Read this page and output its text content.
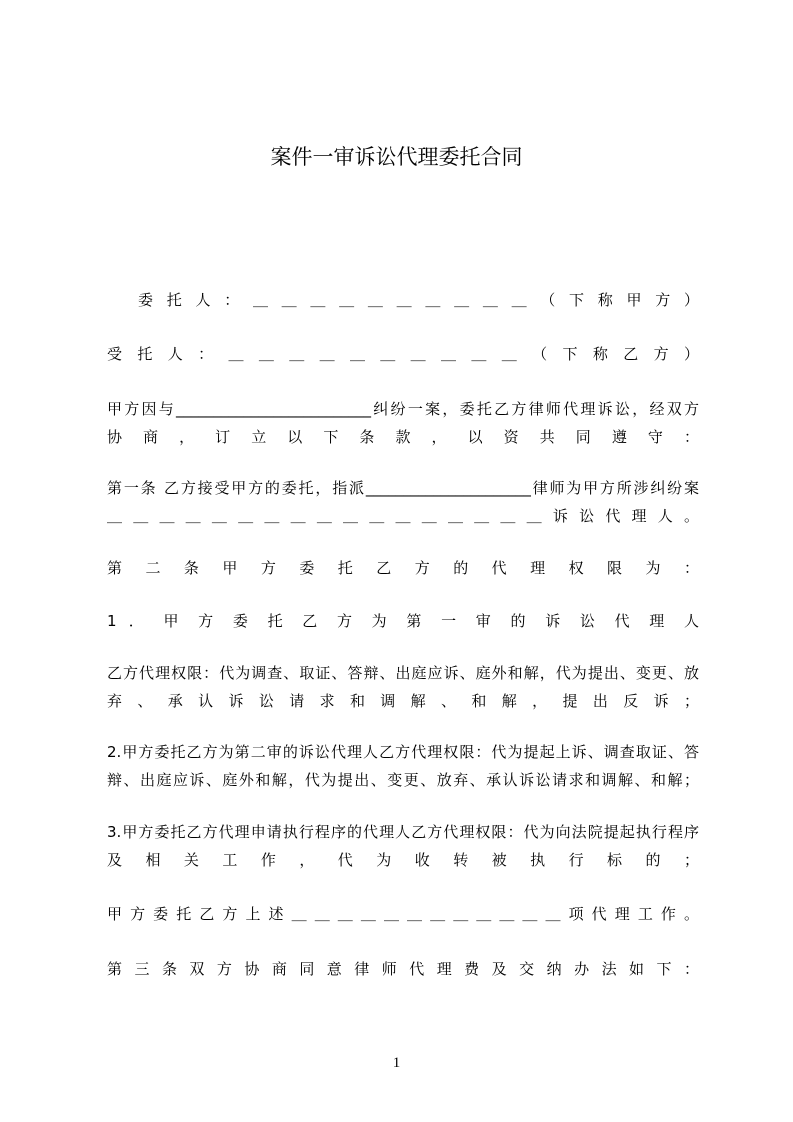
案件一审诉讼代理委托合同
委 托 人 ： ＿ ＿ ＿ ＿ ＿ ＿ ＿ ＿ ＿ ＿ （ 下 称 甲 方 ）
受 托 人 ： ＿ ＿ ＿ ＿ ＿ ＿ ＿ ＿ ＿ ＿ （ 下 称 乙 方 ）
甲方因与__________________________纠纷一案，委托乙方律师代理诉讼，经双方
协 商 ， 订 立 以 下 条 款 ， 以 资 共 同 遵 守 ：
第一条 乙方接受甲方的委托，指派______________________律师为甲方所涉纠纷案
＿ ＿ ＿ ＿ ＿ ＿ ＿ ＿ ＿ ＿ ＿ ＿ ＿ ＿ ＿ ＿ ＿ 诉 讼 代 理 人 。
第 二 条 甲 方 委 托 乙 方 的 代 理 权 限 为 ：
1 ． 甲 方 委 托 乙 方 为 第 一 审 的 诉 讼 代 理 人
乙方代理权限：代为调查、取证、答辩、出庭应诉、庭外和解，代为提出、变更、放
弃 、 承 认 诉 讼 请 求 和 调 解 、 和 解 ， 提 出 反 诉 ；
2.甲方委托乙方为第二审的诉讼代理人乙方代理权限：代为提起上诉、调查取证、答
辩、出庭应诉、庭外和解，代为提出、变更、放弃、承认诉讼请求和调解、和解；
3.甲方委托乙方代理申请执行程序的代理人乙方代理权限：代为向法院提起执行程序
及 相 关 工 作 ， 代 为 收 转 被 执 行 标 的 ；
甲 方 委 托 乙 方 上 述 ＿ ＿ ＿ ＿ ＿ ＿ ＿ ＿ ＿ ＿ ＿ ＿ 项 代 理 工 作 。
第 三 条 双 方 协 商 同 意 律 师 代 理 费 及 交 纳 办 法 如 下 ：
1
